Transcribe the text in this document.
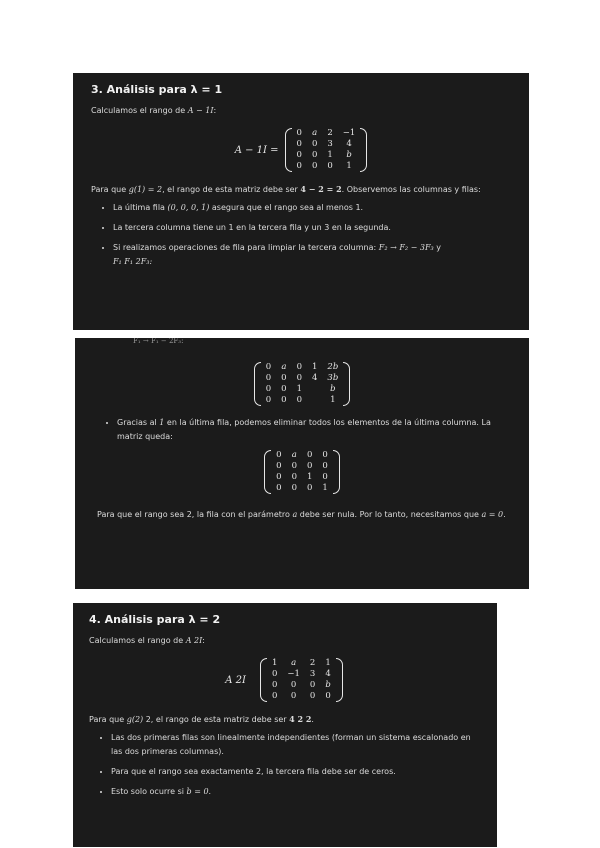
3. Análisis para λ = 1
Calculamos el rango de A − 1I:
A − 1I =
0	a	2	−1
0	0	3	4
0	0	1	b
0	0	0	1
Para que g(1) = 2, el rango de esta matriz debe ser 4 − 2 = 2. Observemos las columnas y filas:
• La última fila (0, 0, 0, 1) asegura que el rango sea al menos 1.
• La tercera columna tiene un 1 en la tercera fila y un 3 en la segunda.
• Si realizamos operaciones de fila para limpiar la tercera columna: F₂ → F₂ − 3F₃ y
F₁ F₁ 2F₃:
F₁ → F₁ − 2F₃:
0	a	0	1	2b
0	0	0	4	3b
0	0	1		b
0	0	0		1
• Gracias al 1 en la última fila, podemos eliminar todos los elementos de la última columna. La matriz queda:
0	a	0	0
0	0	0	0
0	0	1	0
0	0	0	1
Para que el rango sea 2, la fila con el parámetro a debe ser nula. Por lo tanto, necesitamos que a = 0.
4. Análisis para λ = 2
Calculamos el rango de A 2I:
A 2I
1	a	2	1
0	−1	3	4
0	0	0	b
0	0	0	0
Para que g(2) 2, el rango de esta matriz debe ser 4 2 2.
• Las dos primeras filas son linealmente independientes (forman un sistema escalonado en las dos primeras columnas).
• Para que el rango sea exactamente 2, la tercera fila debe ser de ceros.
• Esto solo ocurre si b = 0.
